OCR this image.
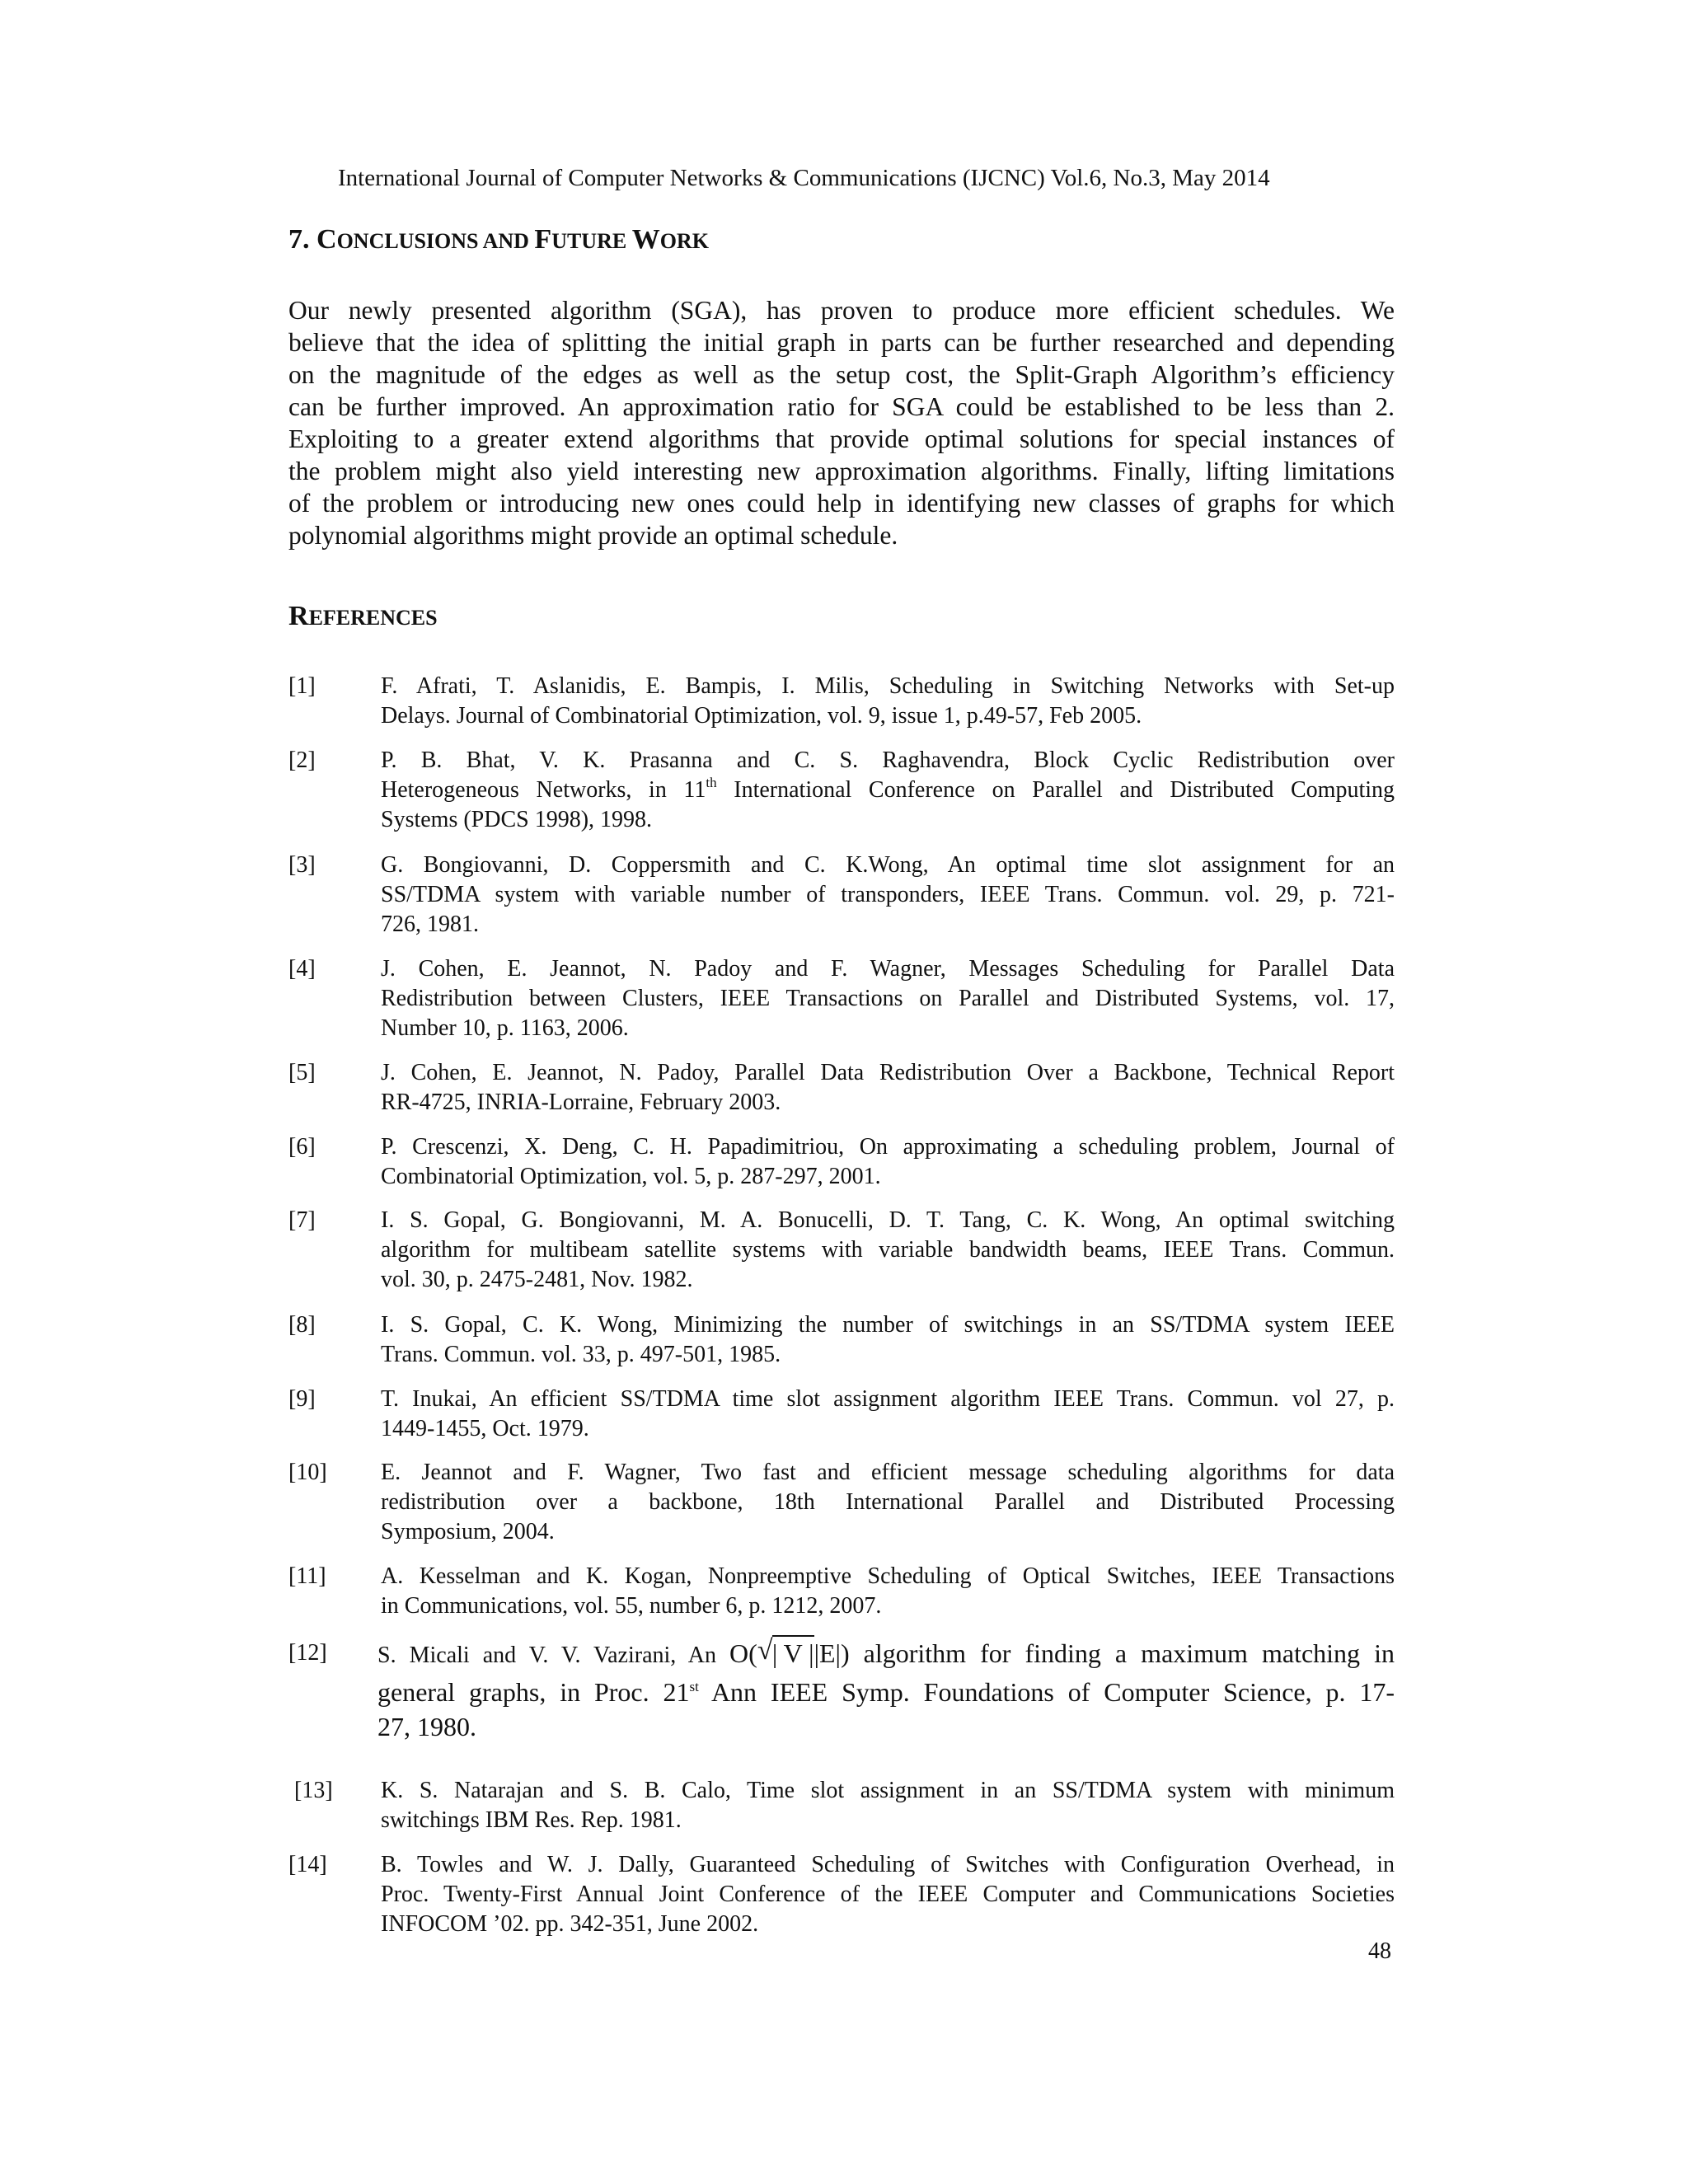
International Journal of Computer Networks & Communications (IJCNC) Vol.6, No.3, May 2014
7. CONCLUSIONS AND FUTURE WORK
Our newly presented algorithm (SGA), has proven to produce more efficient schedules. We
believe that the idea of splitting the initial graph in parts can be further researched and depending
on the magnitude of the edges as well as the setup cost, the Split-Graph Algorithm’s efficiency
can be further improved. An approximation ratio for SGA could be established to be less than 2.
Exploiting to a greater extend algorithms that provide optimal solutions for special instances of
the problem might also yield interesting new approximation algorithms. Finally, lifting limitations
of the problem or introducing new ones could help in identifying new classes of graphs for which
polynomial algorithms might provide an optimal schedule.
REFERENCES
[1]	F. Afrati, T. Aslanidis, E. Bampis, I. Milis, Scheduling in Switching Networks with Set-up
Delays. Journal of Combinatorial Optimization, vol. 9, issue 1, p.49-57, Feb 2005.
[2]	P. B. Bhat, V. K. Prasanna and C. S. Raghavendra, Block Cyclic Redistribution over
Heterogeneous Networks, in 11th International Conference on Parallel and Distributed Computing
Systems (PDCS 1998), 1998.
[3]	G. Bongiovanni, D. Coppersmith and C. K.Wong, An optimal time slot assignment for an
SS/TDMA system with variable number of transponders, IEEE Trans. Commun. vol. 29, p. 721-
726, 1981.
[4]	J. Cohen, E. Jeannot, N. Padoy and F. Wagner, Messages Scheduling for Parallel Data
Redistribution between Clusters, IEEE Transactions on Parallel and Distributed Systems, vol. 17,
Number 10, p. 1163, 2006.
[5]	J. Cohen, E. Jeannot, N. Padoy, Parallel Data Redistribution Over a Backbone, Technical Report
RR-4725, INRIA-Lorraine, February 2003.
[6]	P. Crescenzi, X. Deng, C. H. Papadimitriou, On approximating a scheduling problem, Journal of
Combinatorial Optimization, vol. 5, p. 287-297, 2001.
[7]	I. S. Gopal, G. Bongiovanni, M. A. Bonucelli, D. T. Tang, C. K. Wong, An optimal switching
algorithm for multibeam satellite systems with variable bandwidth beams, IEEE Trans. Commun.
vol. 30, p. 2475-2481, Nov. 1982.
[8]	I. S. Gopal, C. K. Wong, Minimizing the number of switchings in an SS/TDMA system IEEE
Trans. Commun. vol. 33, p. 497-501, 1985.
[9]	T. Inukai, An efficient SS/TDMA time slot assignment algorithm IEEE Trans. Commun. vol 27, p.
1449-1455, Oct. 1979.
[10] E. Jeannot and F. Wagner, Two fast and efficient message scheduling algorithms for data
redistribution over a backbone, 18th International Parallel and Distributed Processing
Symposium, 2004.
[11] A. Kesselman and K. Kogan, Nonpreemptive Scheduling of Optical Switches, IEEE Transactions
in Communications, vol. 55, number 6, p. 1212, 2007.
[12] S. Micali and V. V. Vazirani, An O( √ | V ||E|) algorithm for finding a maximum matching in
general graphs, in Proc. 21st Ann IEEE Symp. Foundations of Computer Science, p. 17-
27, 1980.
[13] K. S. Natarajan and S. B. Calo, Time slot assignment in an SS/TDMA system with minimum
switchings IBM Res. Rep. 1981.
[14] B. Towles and W. J. Dally, Guaranteed Scheduling of Switches with Configuration Overhead, in
Proc. Twenty-First Annual Joint Conference of the IEEE Computer and Communications Societies
INFOCOM ’02. pp. 342-351, June 2002.
48
